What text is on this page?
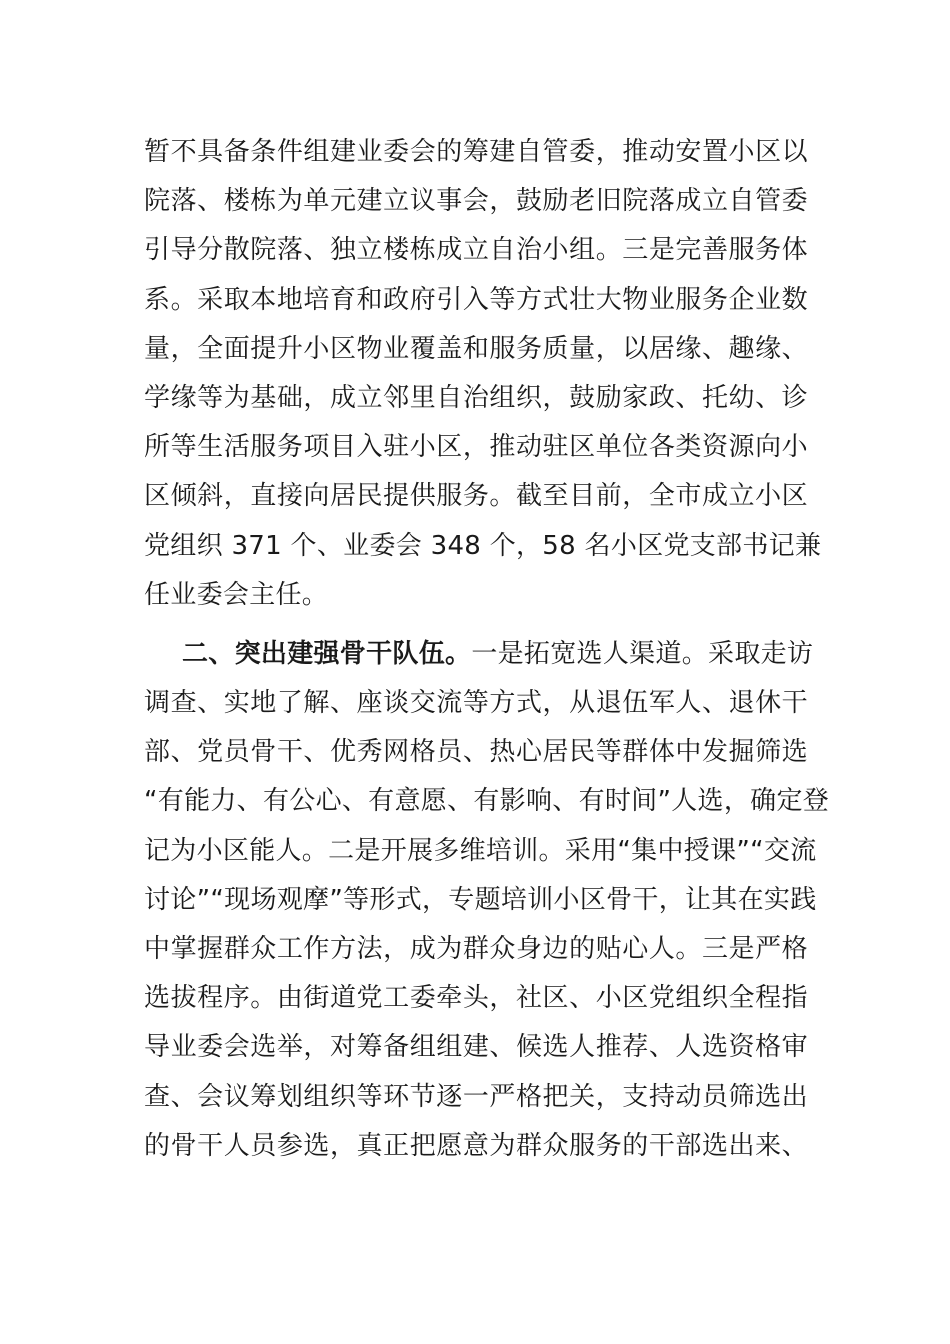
暂不具备条件组建业委会的筹建自管委，推动安置小区以
院落、楼栋为单元建立议事会，鼓励老旧院落成立自管委
引导分散院落、独立楼栋成立自治小组。三是完善服务体
系。采取本地培育和政府引入等方式壮大物业服务企业数
量，全面提升小区物业覆盖和服务质量，以居缘、趣缘、
学缘等为基础，成立邻里自治组织，鼓励家政、托幼、诊
所等生活服务项目入驻小区，推动驻区单位各类资源向小
区倾斜，直接向居民提供服务。截至目前，全市成立小区
党组织 371 个、业委会 348 个，58 名小区党支部书记兼
任业委会主任。
二、突出建强骨干队伍。一是拓宽选人渠道。采取走访
调查、实地了解、座谈交流等方式，从退伍军人、退休干
部、党员骨干、优秀网格员、热心居民等群体中发掘筛选
“有能力、有公心、有意愿、有影响、有时间”人选，确定登
记为小区能人。二是开展多维培训。采用“集中授课”“交流
讨论”“现场观摩”等形式，专题培训小区骨干，让其在实践
中掌握群众工作方法，成为群众身边的贴心人。三是严格
选拔程序。由街道党工委牵头，社区、小区党组织全程指
导业委会选举，对筹备组组建、候选人推荐、人选资格审
查、会议筹划组织等环节逐一严格把关，支持动员筛选出
的骨干人员参选，真正把愿意为群众服务的干部选出来、
